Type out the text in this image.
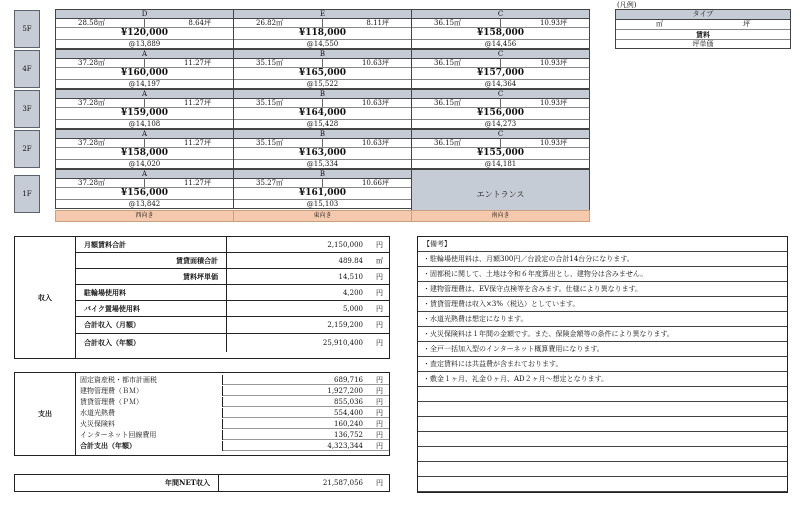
5F
D
28.58㎡	8.64坪
¥120,000
@13,889
E
26.82㎡	8.11坪
¥118,000
@14,550
C
36.15㎡	10.93坪
¥158,000
@14,456
4F
A
37.28㎡	11.27坪
¥160,000
@14,197
B
35.15㎡	10.63坪
¥165,000
@15,522
C
36.15㎡	10.93坪
¥157,000
@14,364
3F
A
37.28㎡	11.27坪
¥159,000
@14,108
B
35.15㎡	10.63坪
¥164,000
@15,428
C
36.15㎡	10.93坪
¥156,000
@14,273
2F
A
37.28㎡	11.27坪
¥158,000
@14,020
B
35.15㎡	10.63坪
¥163,000
@15,334
C
36.15㎡	10.93坪
¥155,000
@14,181
1F
A
37.28㎡	11.27坪
¥156,000
@13,842
B
35.27㎡	10.66坪
¥161,000
@15,103
エントランス
西向き	東向き	南向き
(凡例)
タイプ
㎡	坪
賃料
坪単価
収入
月額賃料合計	2,150,000 円
賃貸面積合計	489.84 ㎡
賃料坪単価	14,510 円
駐輪場使用料	4,200 円
バイク置場使用料	5,000 円
合計収入（月額）	2,159,200 円
合計収入（年額）	25,910,400 円
支出
固定資産税・都市計画税	689,716 円
建物管理費（ＢＭ）	1,927,200 円
賃貸管理費（ＰＭ）	855,036 円
水道光熱費	554,400 円
火災保険料	160,240 円
インターネット回線費用	136,752 円
合計支出（年額）	4,323,344 円
年間NET収入	21,587,056 円
【備考】
・駐輪場使用料は、月額300円／台設定の合計14台分になります。
・固都税に関して、土地は令和６年度算出とし、建物分は含みません。
・建物管理費は、EV保守点検等を含みます。仕様により異なります。
・賃貸管理費は収入×3%（税込）としています。
・水道光熱費は想定になります。
・火災保険料は１年間の金額です。また、保険金額等の条件により異なります。
・全戸一括加入型のインターネット概算費用になります。
・査定賃料には共益費が含まれております。
・敷金１ヶ月、礼金０ヶ月、AD２ヶ月〜想定となります。
